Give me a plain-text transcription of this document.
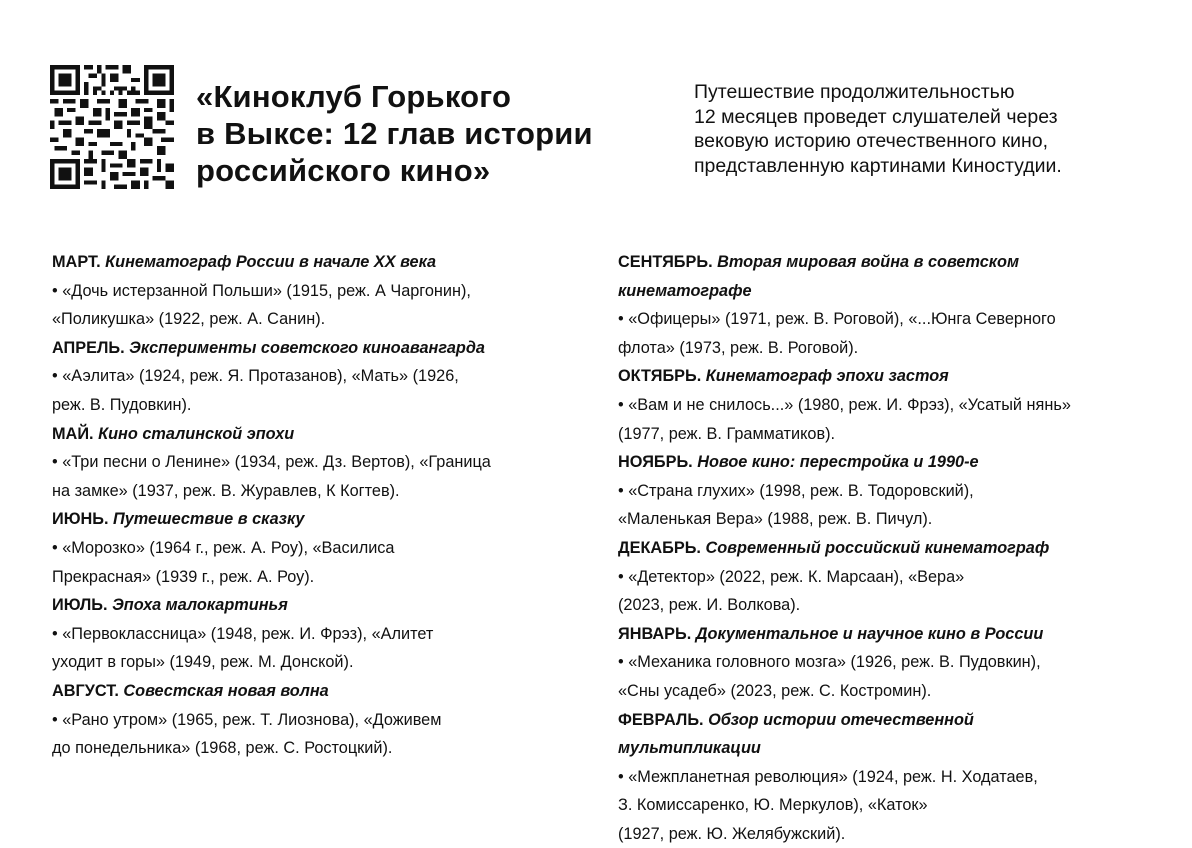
«Киноклуб Горького
в Выксе: 12 глав истории
российского кино»

Путешествие продолжительностью
12 месяцев проведет слушателей через
вековую историю отечественного кино,
представленную картинами Киностудии.

МАРТ. Кинематограф России в начале XX века
• «Дочь истерзанной Польши» (1915, реж. А Чаргонин),
«Поликушка» (1922, реж. А. Санин).
АПРЕЛЬ. Эксперименты советского киноавангарда
• «Аэлита» (1924, реж. Я. Протазанов), «Мать» (1926,
реж. В. Пудовкин).
МАЙ. Кино сталинской эпохи
• «Три песни о Ленине» (1934, реж. Дз. Вертов), «Граница
на замке» (1937, реж. В. Журавлев, К Когтев).
ИЮНЬ. Путешествие в сказку
• «Морозко» (1964 г., реж. А. Роу), «Василиса
Прекрасная» (1939 г., реж. А. Роу).
ИЮЛЬ. Эпоха малокартинья
• «Первоклассница» (1948, реж. И. Фрэз), «Алитет
уходит в горы» (1949, реж. М. Донской).
АВГУСТ. Совестская новая волна
• «Рано утром» (1965, реж. Т. Лиознова), «Доживем
до понедельника» (1968, реж. С. Ростоцкий).
СЕНТЯБРЬ. Вторая мировая война в советском
кинематографе
• «Офицеры» (1971, реж. В. Роговой), «...Юнга Северного
флота» (1973, реж. В. Роговой).
ОКТЯБРЬ. Кинематограф эпохи застоя
• «Вам и не снилось...» (1980, реж. И. Фрэз), «Усатый нянь»
(1977, реж. В. Грамматиков).
НОЯБРЬ. Новое кино: перестройка и 1990-е
• «Страна глухих» (1998, реж. В. Тодоровский),
«Маленькая Вера» (1988, реж. В. Пичул).
ДЕКАБРЬ. Современный российский кинематограф
• «Детектор» (2022, реж. К. Марсаан), «Вера»
(2023, реж. И. Волкова).
ЯНВАРЬ. Документальное и научное кино в России
• «Механика головного мозга» (1926, реж. В. Пудовкин),
«Сны усадеб» (2023, реж. С. Костромин).
ФЕВРАЛЬ. Обзор истории отечественной
мультипликации
• «Межпланетная революция» (1924, реж. Н. Ходатаев,
З. Комиссаренко, Ю. Меркулов), «Каток»
(1927, реж. Ю. Желябужский).
